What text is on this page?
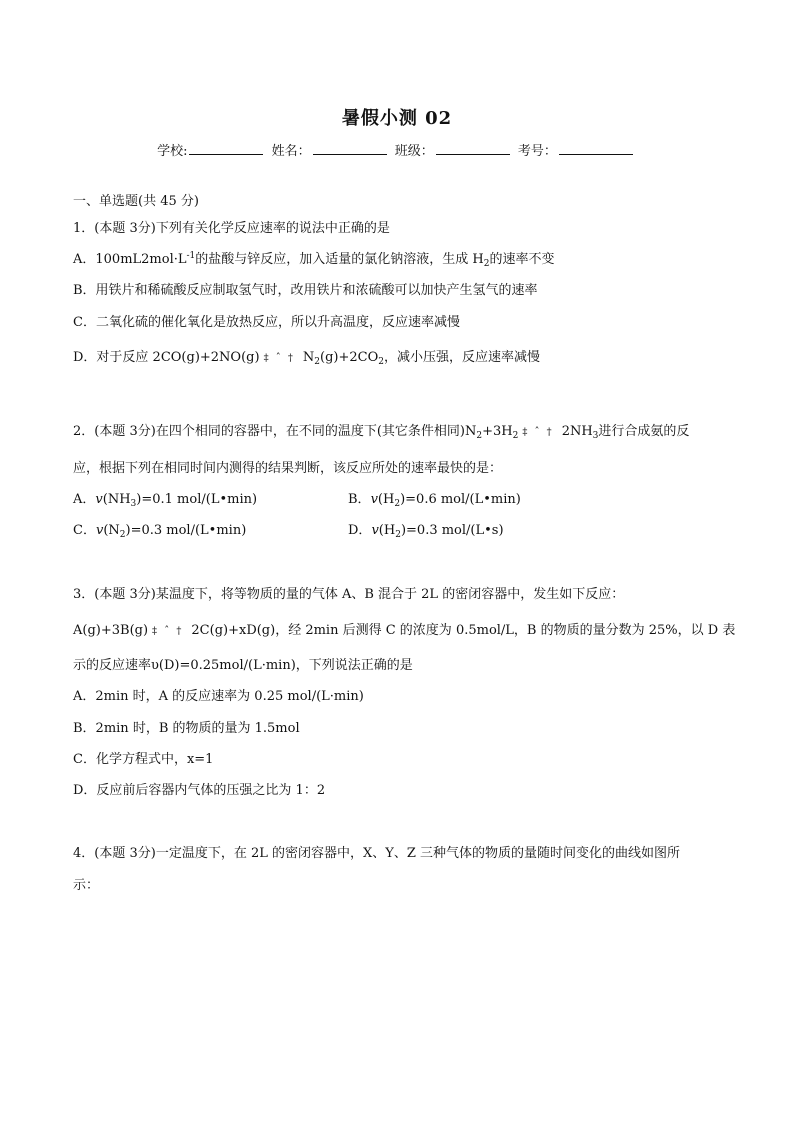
暑假小测 02
学校:	姓名：	班级：	考号：
一、单选题(共 45 分)
1．(本题 3分)下列有关化学反应速率的说法中正确的是
A．$100mL2mol\cdot L^{-1}$的盐酸与锌反应，加入适量的氯化钠溶液，生成 $H_2$的速率不变
B．用铁片和稀硫酸反应制取氢气时，改用铁片和浓硫酸可以加快产生氢气的速率
C．二氧化硫的催化氧化是放热反应，所以升高温度，反应速率减慢
D．对于反应 2CO(g)+2NO(g) ‡ ˆ † $N_2(g)+2CO_2$，减小压强，反应速率减慢
2．(本题 3分)在四个相同的容器中，在不同的温度下(其它条件相同)$N_2+3H_2$ ‡ ˆ † $2NH_3$进行合成氨的反
应，根据下列在相同时间内测得的结果判断，该反应所处的速率最快的是：
A．$v(NH_3)=0.1$ mol/(L•min)	B．$v(H_2)=0.6$ mol/(L•min)
C．$v(N_2)=0.3$ mol/(L•min)	D．$v(H_2)=0.3$ mol/(L•s)
3．(本题 3分)某温度下，将等物质的量的气体 A、B 混合于 2L 的密闭容器中，发生如下反应：
A(g)+3B(g) ‡ ˆ † 2C(g)+xD(g)，经 2min 后测得 C 的浓度为 0.5mol/L，B 的物质的量分数为 25%，以 D 表
示的反应速率υ(D)=0.25mol/(L·min)，下列说法正确的是
A．2min 时，A 的反应速率为 0.25 mol/(L·min)
B．2min 时，B 的物质的量为 1.5mol
C．化学方程式中，x=1
D．反应前后容器内气体的压强之比为 1：2
4．(本题 3分)一定温度下，在 2L 的密闭容器中，X、Y、Z 三种气体的物质的量随时间变化的曲线如图所
示：
